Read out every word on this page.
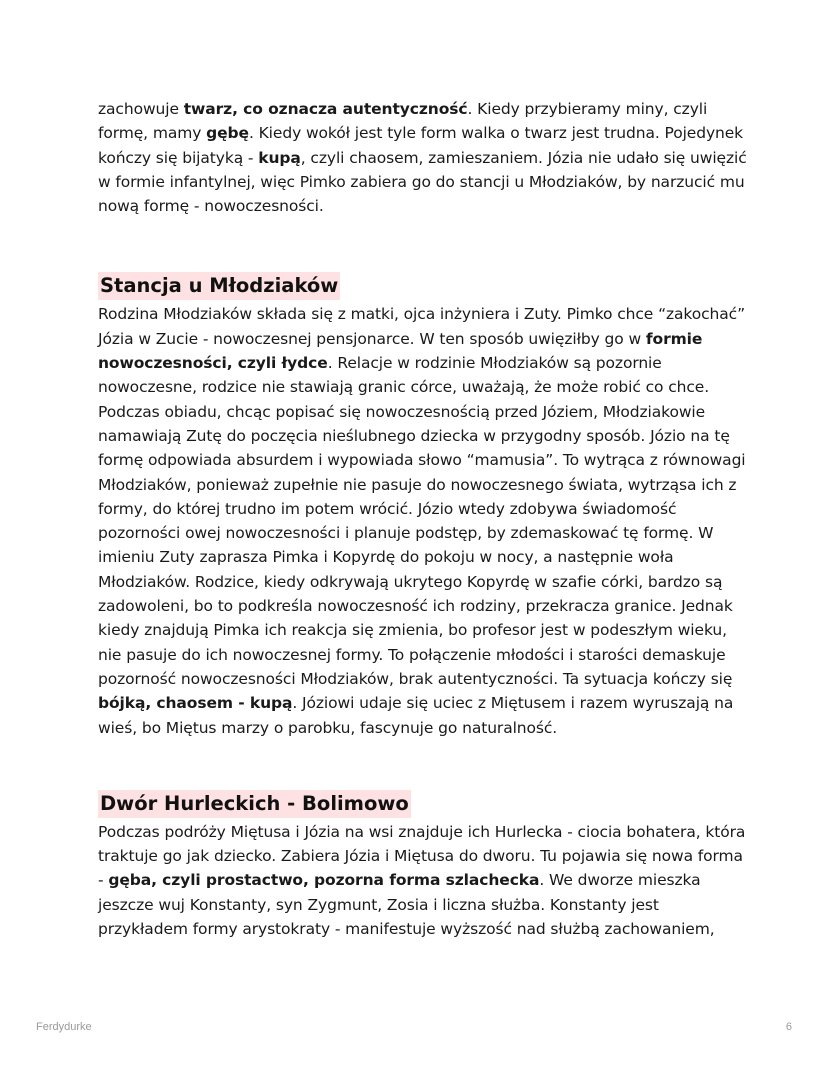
zachowuje twarz, co oznacza autentyczność. Kiedy przybieramy miny, czyli formę, mamy gębę. Kiedy wokół jest tyle form walka o twarz jest trudna. Pojedynek kończy się bijatyką - kupą, czyli chaosem, zamieszaniem. Józia nie udało się uwięzić w formie infantylnej, więc Pimko zabiera go do stancji u Młodziaków, by narzucić mu nową formę - nowoczesności.

Stancja u Młodziaków

Rodzina Młodziaków składa się z matki, ojca inżyniera i Zuty. Pimko chce “zakochać” Józia w Zucie - nowoczesnej pensjonarce. W ten sposób uwięziłby go w formie nowoczesności, czyli łydce. Relacje w rodzinie Młodziaków są pozornie nowoczesne, rodzice nie stawiają granic córce, uważają, że może robić co chce. Podczas obiadu, chcąc popisać się nowoczesnością przed Józiem, Młodziakowie namawiają Zutę do poczęcia nieślubnego dziecka w przygodny sposób. Józio na tę formę odpowiada absurdem i wypowiada słowo “mamusia”. To wytrąca z równowagi Młodziaków, ponieważ zupełnie nie pasuje do nowoczesnego świata, wytrząsa ich z formy, do której trudno im potem wrócić. Józio wtedy zdobywa świadomość pozorności owej nowoczesności i planuje podstęp, by zdemaskować tę formę. W imieniu Zuty zaprasza Pimka i Kopyrdę do pokoju w nocy, a następnie woła Młodziaków. Rodzice, kiedy odkrywają ukrytego Kopyrdę w szafie córki, bardzo są zadowoleni, bo to podkreśla nowoczesność ich rodziny, przekracza granice. Jednak kiedy znajdują Pimka ich reakcja się zmienia, bo profesor jest w podeszłym wieku, nie pasuje do ich nowoczesnej formy. To połączenie młodości i starości demaskuje pozorność nowoczesności Młodziaków, brak autentyczności. Ta sytuacja kończy się bójką, chaosem - kupą. Józiowi udaje się uciec z Miętusem i razem wyruszają na wieś, bo Miętus marzy o parobku, fascynuje go naturalność.

Dwór Hurleckich - Bolimowo

Podczas podróży Miętusa i Józia na wsi znajduje ich Hurlecka - ciocia bohatera, która traktuje go jak dziecko. Zabiera Józia i Miętusa do dworu. Tu pojawia się nowa forma - gęba, czyli prostactwo, pozorna forma szlachecka. We dworze mieszka jeszcze wuj Konstanty, syn Zygmunt, Zosia i liczna służba. Konstanty jest przykładem formy arystokraty - manifestuje wyższość nad służbą zachowaniem,

Ferdydurke	6
